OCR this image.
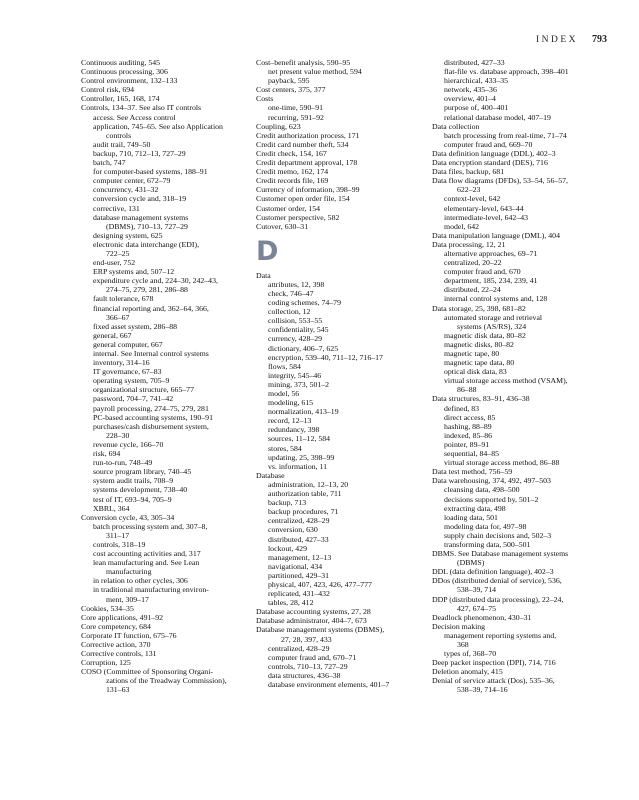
INDEX 793
Continuous auditing, 545
Continuous processing, 306
Control environment, 132–133
Control risk, 694
Controller, 165, 168, 174
Controls, 134–37. See also IT controls
access. See Access control
application, 745–65. See also Application
controls
audit trail, 749–50
backup, 710, 712–13, 727–29
batch, 747
for computer-based systems, 188–91
computer center, 672–79
concurrency, 431–32
conversion cycle and, 318–19
corrective, 131
database management systems
(DBMS), 710–13, 727–29
designing system, 625
electronic data interchange (EDI),
722–25
end-user, 752
ERP systems and, 507–12
expenditure cycle and, 224–30, 242–43,
274–75, 279, 281, 286–88
fault tolerance, 678
financial reporting and, 362–64, 366,
366–67
fixed asset system, 286–88
general, 667
general computer, 667
internal. See Internal control systems
inventory, 314–16
IT governance, 67–83
operating system, 705–9
organizational structure, 665–77
password, 704–7, 741–42
payroll processing, 274–75, 279, 281
PC-based accounting systems, 190–91
purchases/cash disbursement system,
228–30
revenue cycle, 166–70
risk, 694
run-to-run, 748–49
source program library, 740–45
system audit trails, 708–9
systems development, 738–40
test of IT, 693–94, 705–9
XBRL, 364
Conversion cycle, 43, 305–34
batch processing system and, 307–8,
311–17
controls, 318–19
cost accounting activities and, 317
lean manufacturing and. See Lean
manufacturing
in relation to other cycles, 306
in traditional manufacturing environ-
ment, 309–17
Cookies, 534–35
Core applications, 491–92
Core competency, 684
Corporate IT function, 675–76
Corrective action, 370
Corrective controls, 131
Corruption, 125
COSO (Committee of Sponsoring Organi-
zations of the Treadway Commission),
131–63
Cost–benefit analysis, 590–95
net present value method, 594
payback, 595
Cost centers, 375, 377
Costs
one-time, 590–91
recurring, 591–92
Coupling, 623
Credit authorization process, 171
Credit card number theft, 534
Credit check, 154, 167
Credit department approval, 178
Credit memo, 162, 174
Credit records file, 169
Currency of information, 398–99
Customer open order file, 154
Customer order, 154
Customer perspective, 582
Cutover, 630–31
D
Data
attributes, 12, 398
check, 746–47
coding schemes, 74–79
collection, 12
collision, 553–55
confidentiality, 545
currency, 428–29
dictionary, 406–7, 625
encryption, 539–40, 711–12, 716–17
flows, 584
integrity, 545–46
mining, 373, 501–2
model, 56
modeling, 615
normalization, 413–19
record, 12–13
redundancy, 398
sources, 11–12, 584
stores, 584
updating, 25, 398–99
vs. information, 11
Database
administration, 12–13, 20
authorization table, 711
backup, 713
backup procedures, 71
centralized, 428–29
conversion, 630
distributed, 427–33
lockout, 429
management, 12–13
navigational, 434
partitioned, 429–31
physical, 407, 423, 426, 477–777
replicated, 431–432
tables, 28, 412
Database accounting systems, 27, 28
Database administrator, 404–7, 673
Database management systems (DBMS),
27, 28, 397, 433
centralized, 428–29
computer fraud and, 670–71
controls, 710–13, 727–29
data structures, 436–38
database environment elements, 401–7
distributed, 427–33
flat-file vs. database approach, 398–401
hierarchical, 433–35
network, 435–36
overview, 401–4
purpose of, 400–401
relational database model, 407–19
Data collection
batch processing from real-time, 71–74
computer fraud and, 669–70
Data definition language (DDL), 402–3
Data encryption standard (DES), 716
Data files, backup, 681
Data flow diagrams (DFDs), 53–54, 56–57,
622–23
context-level, 642
elementary-level, 643–44
intermediate-level, 642–43
model, 642
Data manipulation language (DML), 404
Data processing, 12, 21
alternative approaches, 69–71
centralized, 20–22
computer fraud and, 670
department, 185, 234, 239, 41
distributed, 22–24
internal control systems and, 128
Data storage, 25, 398, 681–82
automated storage and retrieval
systems (AS/RS), 324
magnetic disk data, 80–82
magnetic disks, 80–82
magnetic tape, 80
magnetic tape data, 80
optical disk data, 83
virtual storage access method (VSAM),
86–88
Data structures, 83–91, 436–38
defined, 83
direct access, 85
hashing, 88–89
indexed, 85–86
pointer, 89–91
sequential, 84–85
virtual storage access method, 86–88
Data test method, 756–59
Data warehousing, 374, 492, 497–503
cleansing data, 498–500
decisions supported by, 501–2
extracting data, 498
loading data, 501
modeling data for, 497–98
supply chain decisions and, 502–3
transforming data, 500–501
DBMS. See Database management systems
(DBMS)
DDL (data definition language), 402–3
DDos (distributed denial of service), 536,
538–39, 714
DDP (distributed data processing), 22–24,
427, 674–75
Deadlock phenomenon, 430–31
Decision making
management reporting systems and,
368
types of, 368–70
Deep packet inspection (DPI), 714, 716
Deletion anomaly, 415
Denial of service attack (Dos), 535–36,
538–39, 714–16
